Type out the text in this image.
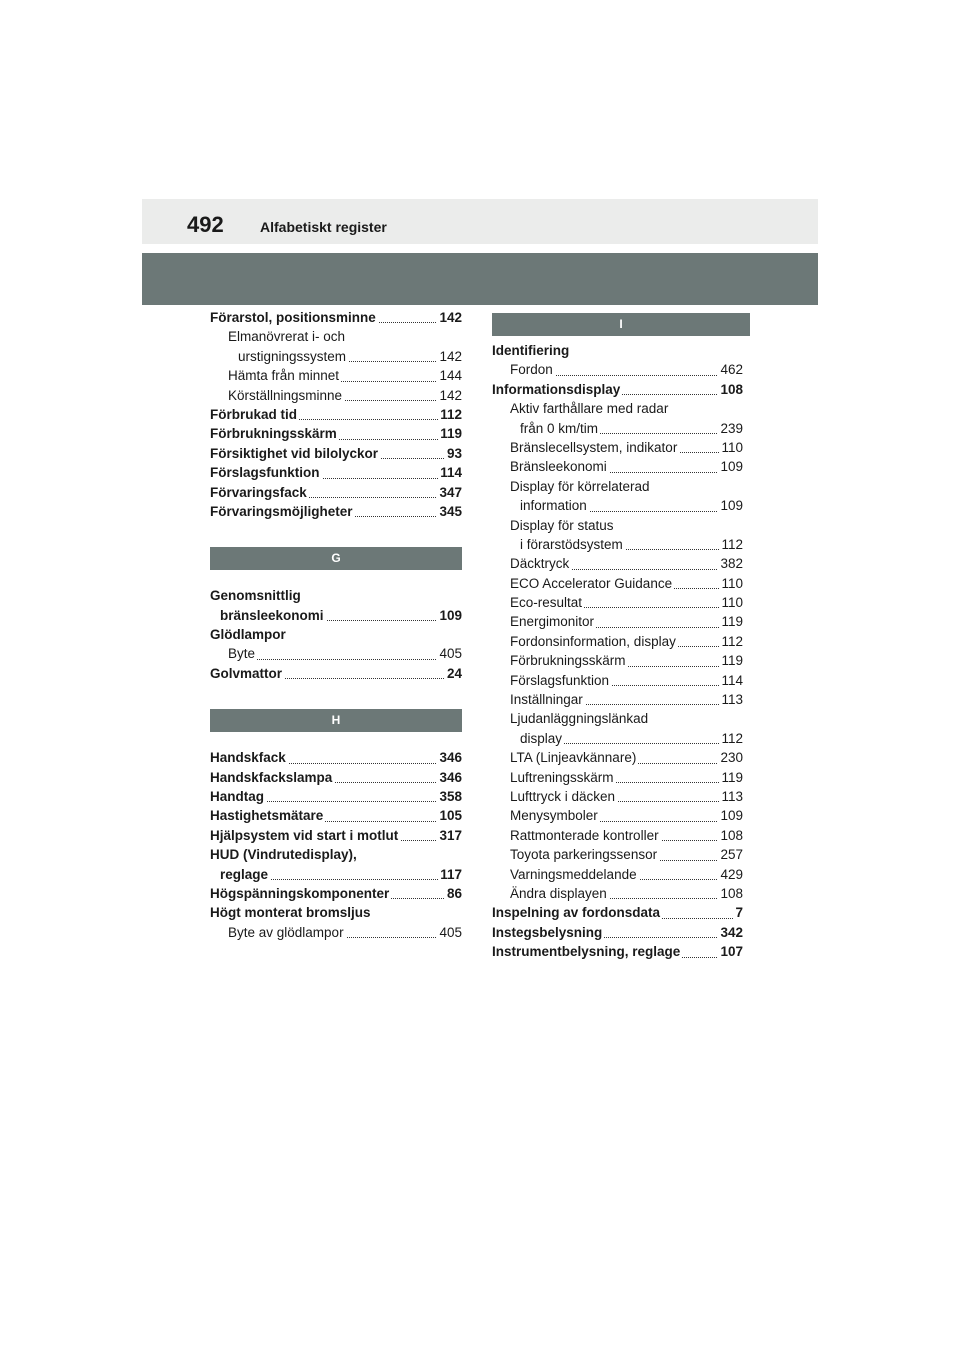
492	Alfabetiskt register
Förarstol, positionsminne	142
Elmanövrerat i- och
urstigningssystem	142
Hämta från minnet	144
Körställningsminne	142
Förbrukad tid	112
Förbrukningsskärm	119
Försiktighet vid bilolyckor	93
Förslagsfunktion	114
Förvaringsfack	347
Förvaringsmöjligheter	345
G
Genomsnittlig
bränsleekonomi	109
Glödlampor
Byte	405
Golvmattor	24
H
Handskfack	346
Handskfackslampa	346
Handtag	358
Hastighetsmätare	105
Hjälpsystem vid start i motlut	317
HUD (Vindrutedisplay),
reglage	117
Högspänningskomponenter	86
Högt monterat bromsljus
Byte av glödlampor	405
I
Identifiering
Fordon	462
Informationsdisplay	108
Aktiv farthållare med radar
från 0 km/tim	239
Bränslecellsystem, indikator	110
Bränsleekonomi	109
Display för körrelaterad
information	109
Display för status
i förarstödsystem	112
Däcktryck	382
ECO Accelerator Guidance	110
Eco-resultat	110
Energimonitor	119
Fordonsinformation, display	112
Förbrukningsskärm	119
Förslagsfunktion	114
Inställningar	113
Ljudanläggningslänkad
display	112
LTA (Linjeavkännare)	230
Luftreningsskärm	119
Lufttryck i däcken	113
Menysymboler	109
Rattmonterade kontroller	108
Toyota parkeringssensor	257
Varningsmeddelande	429
Ändra displayen	108
Inspelning av fordonsdata	7
Instegsbelysning	342
Instrumentbelysning, reglage	107
